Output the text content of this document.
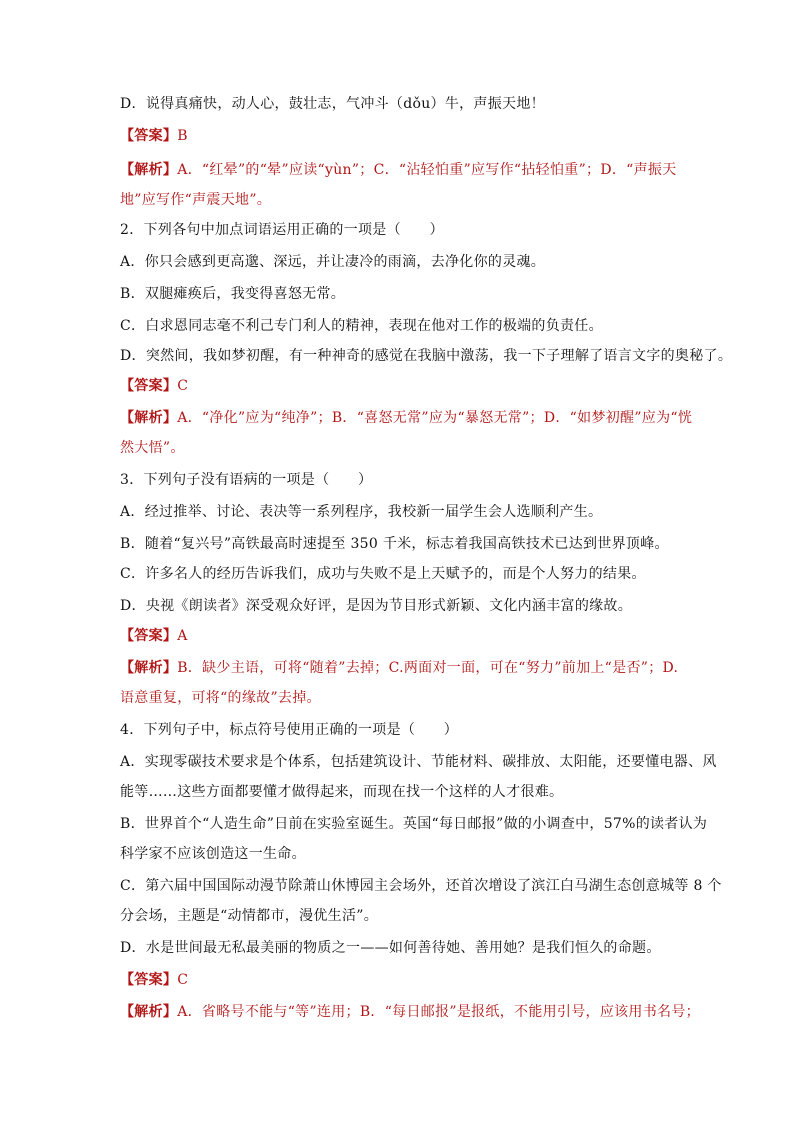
D．说得真痛快，动人心，鼓壮志，气冲斗（dǒu）牛，声振天地！
【答案】B
【解析】A．“红晕”的“晕”应读“yùn”；C．“沾轻怕重”应写作“拈轻怕重”；D．“声振天
地”应写作“声震天地”。
2．下列各句中加点词语运用正确的一项是（　　）
A．你只会感到更高邈、深远，并让凄冷的雨滴，去净化你的灵魂。
B．双腿瘫痪后，我变得喜怒无常。
C．白求恩同志毫不利己专门利人的精神，表现在他对工作的极端的负责任。
D．突然间，我如梦初醒，有一种神奇的感觉在我脑中激荡，我一下子理解了语言文字的奥秘了。
【答案】C
【解析】A．“净化”应为“纯净”；B．“喜怒无常”应为“暴怒无常”；D．“如梦初醒”应为“恍
然大悟”。
3．下列句子没有语病的一项是（　　）
A．经过推举、讨论、表决等一系列程序，我校新一届学生会人选顺利产生。
B．随着“复兴号”高铁最高时速提至 350 千米，标志着我国高铁技术已达到世界顶峰。
C．许多名人的经历告诉我们，成功与失败不是上天赋予的，而是个人努力的结果。
D．央视《朗读者》深受观众好评，是因为节目形式新颖、文化内涵丰富的缘故。
【答案】A
【解析】B．缺少主语，可将“随着”去掉；C.两面对一面，可在“努力”前加上“是否”；D.
语意重复，可将“的缘故”去掉。
4．下列句子中，标点符号使用正确的一项是（　　）
A．实现零碳技术要求是个体系，包括建筑设计、节能材料、碳排放、太阳能，还要懂电器、风
能等……这些方面都要懂才做得起来，而现在找一个这样的人才很难。
B．世界首个“人造生命”日前在实验室诞生。英国“每日邮报”做的小调查中，57%的读者认为
科学家不应该创造这一生命。
C．第六届中国国际动漫节除萧山休博园主会场外，还首次增设了滨江白马湖生态创意城等 8 个
分会场，主题是“动情都市，漫优生活”。
D．水是世间最无私最美丽的物质之一——如何善待她、善用她？是我们恒久的命题。
【答案】C
【解析】A．省略号不能与“等”连用；B．“每日邮报”是报纸，不能用引号，应该用书名号；
